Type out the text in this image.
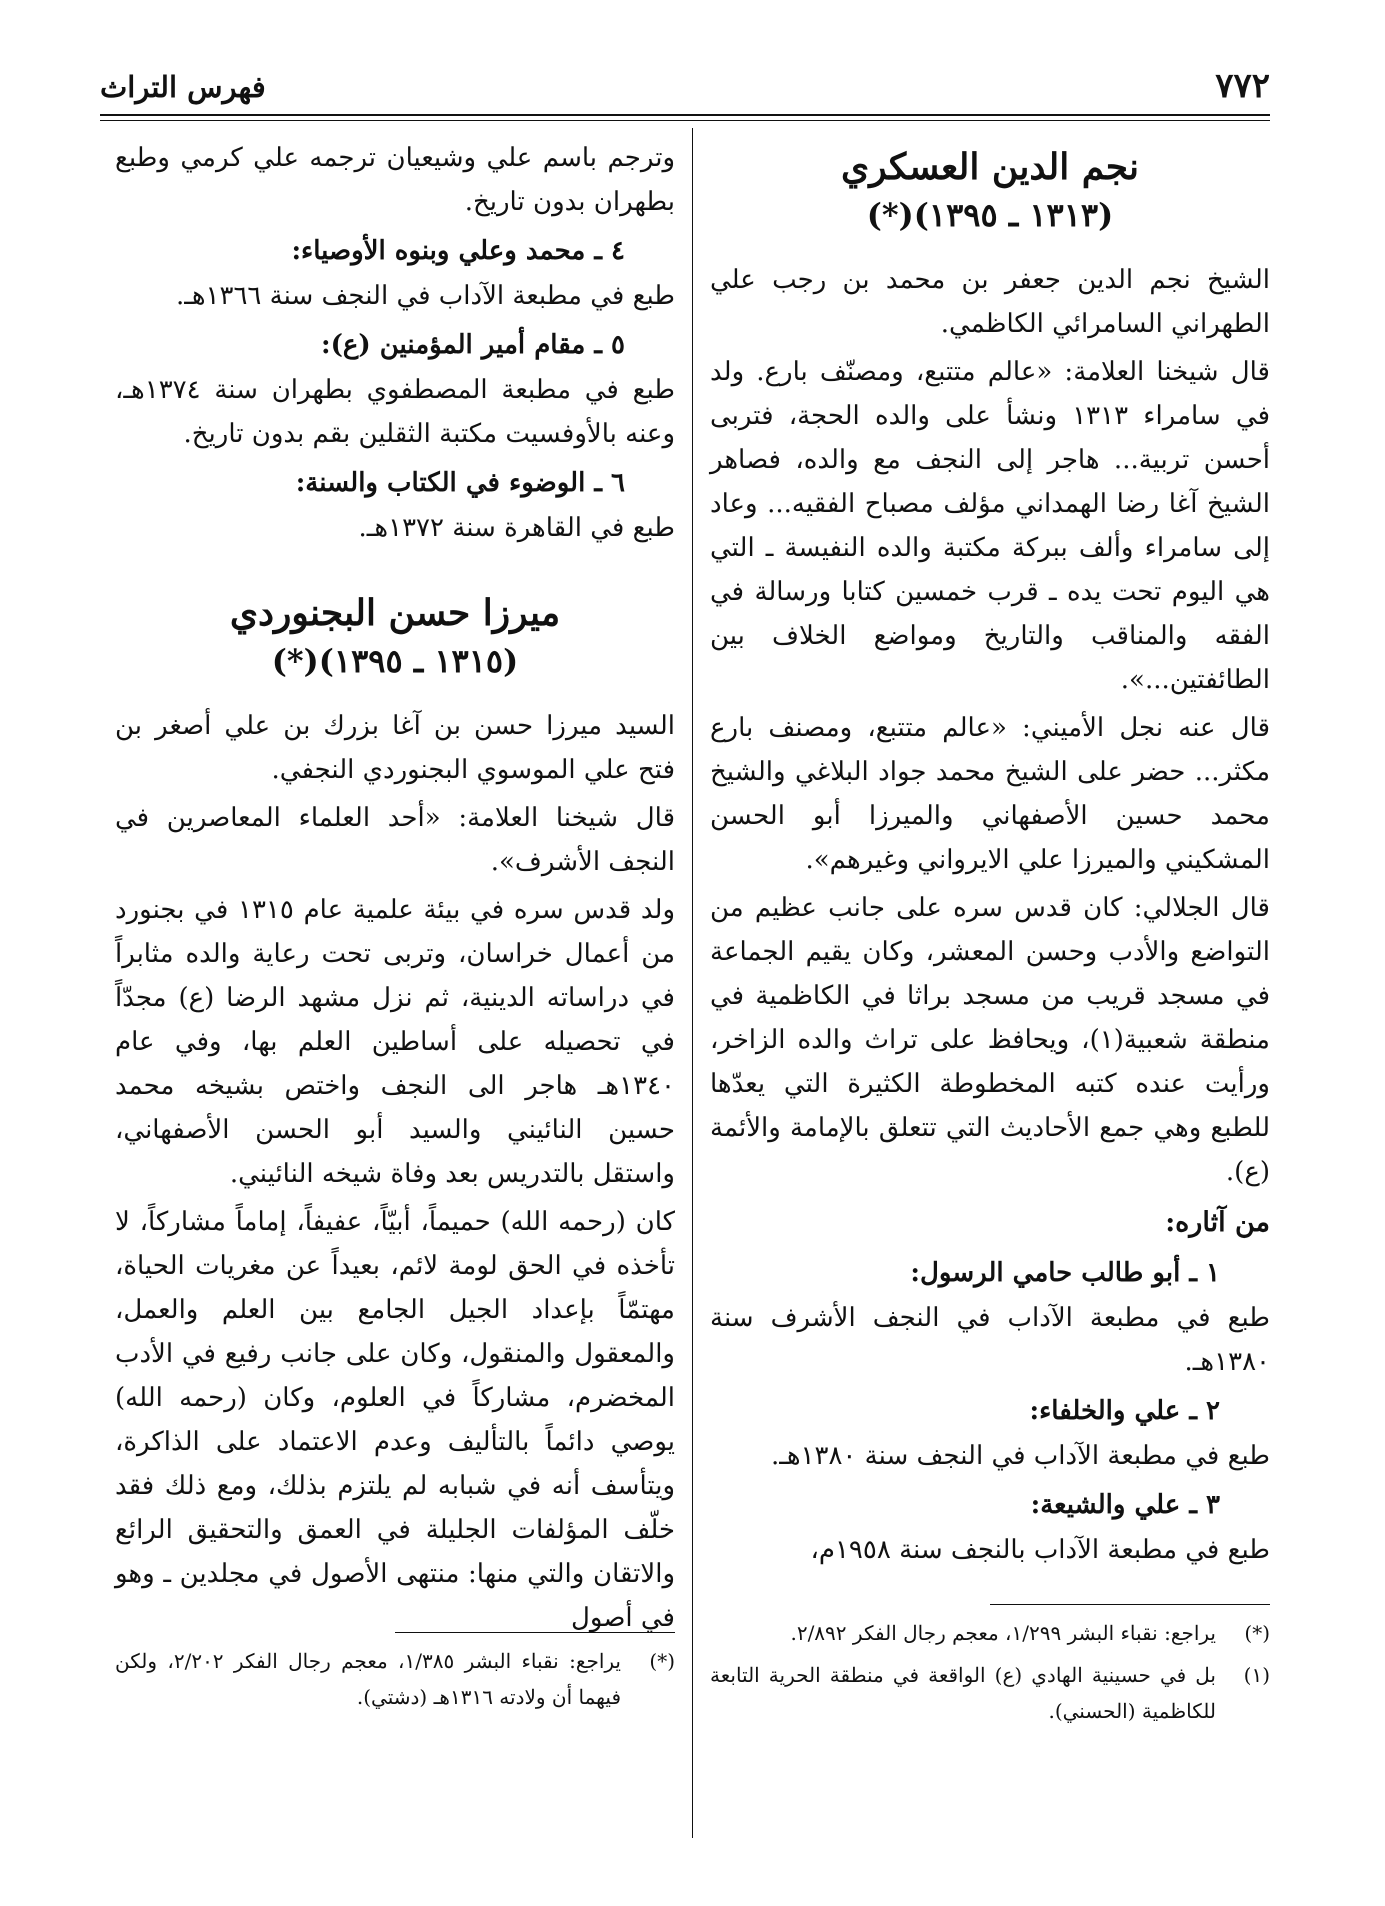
٧٧٢
فهرس التراث
نجم الدين العسكري
(١٣١٣ ـ ١٣٩٥)(*)

الشيخ نجم الدين جعفر بن محمد بن رجب علي الطهراني السامرائي الكاظمي.

قال شيخنا العلامة: «عالم متتبع، ومصنّف بارع. ولد في سامراء ١٣١٣ ونشأ على والده الحجة، فتربى أحسن تربية... هاجر إلى النجف مع والده، فصاهر الشيخ آغا رضا الهمداني مؤلف مصباح الفقيه... وعاد إلى سامراء وألف ببركة مكتبة والده النفيسة ـ التي هي اليوم تحت يده ـ قرب خمسين كتابا ورسالة في الفقه والمناقب والتاريخ ومواضع الخلاف بين الطائفتين...».

قال عنه نجل الأميني: «عالم متتبع، ومصنف بارع مكثر... حضر على الشيخ محمد جواد البلاغي والشيخ محمد حسين الأصفهاني والميرزا أبو الحسن المشكيني والميرزا علي الايرواني وغيرهم».

قال الجلالي: كان قدس سره على جانب عظيم من التواضع والأدب وحسن المعشر، وكان يقيم الجماعة في مسجد قريب من مسجد براثا في الكاظمية في منطقة شعبية(١)، ويحافظ على تراث والده الزاخر، ورأيت عنده كتبه المخطوطة الكثيرة التي يعدّها للطبع وهي جمع الأحاديث التي تتعلق بالإمامة والأئمة (ع).

من آثاره:
١ ـ أبو طالب حامي الرسول:

طبع في مطبعة الآداب في النجف الأشرف سنة ١٣٨٠هـ.

٢ ـ علي والخلفاء:

طبع في مطبعة الآداب في النجف سنة ١٣٨٠هـ.

٣ ـ علي والشيعة:

طبع في مطبعة الآداب بالنجف سنة ١٩٥٨م،

(*)
يراجع: نقباء البشر ١/٢٩٩، معجم رجال الفكر ٢/٨٩٢.
(١)
بل في حسينية الهادي (ع) الواقعة في منطقة الحرية التابعة للكاظمية (الحسني).

وترجم باسم علي وشيعيان ترجمه علي كرمي وطبع بطهران بدون تاريخ.

٤ ـ محمد وعلي وبنوه الأوصياء:

طبع في مطبعة الآداب في النجف سنة ١٣٦٦هـ.

٥ ـ مقام أمير المؤمنين (ع):

طبع في مطبعة المصطفوي بطهران سنة ١٣٧٤هـ، وعنه بالأوفسيت مكتبة الثقلين بقم بدون تاريخ.

٦ ـ الوضوء في الكتاب والسنة:

طبع في القاهرة سنة ١٣٧٢هـ.

ميرزا حسن البجنوردي
(١٣١٥ ـ ١٣٩٥)(*)

السيد ميرزا حسن بن آغا بزرك بن علي أصغر بن فتح علي الموسوي البجنوردي النجفي.

قال شيخنا العلامة: «أحد العلماء المعاصرين في النجف الأشرف».

ولد قدس سره في بيئة علمية عام ١٣١٥ في بجنورد من أعمال خراسان، وتربى تحت رعاية والده مثابراً في دراساته الدينية، ثم نزل مشهد الرضا (ع) مجدّاً في تحصيله على أساطين العلم بها، وفي عام ١٣٤٠هـ هاجر الى النجف واختص بشيخه محمد حسين النائيني والسيد أبو الحسن الأصفهاني، واستقل بالتدريس بعد وفاة شيخه النائيني.

كان (رحمه الله) حميماً، أبيّاً، عفيفاً، إماماً مشاركاً، لا تأخذه في الحق لومة لائم، بعيداً عن مغريات الحياة، مهتمّاً بإعداد الجيل الجامع بين العلم والعمل، والمعقول والمنقول، وكان على جانب رفيع في الأدب المخضرم، مشاركاً في العلوم، وكان (رحمه الله) يوصي دائماً بالتأليف وعدم الاعتماد على الذاكرة، ويتأسف أنه في شبابه لم يلتزم بذلك، ومع ذلك فقد خلّف المؤلفات الجليلة في العمق والتحقيق الرائع والاتقان والتي منها: منتهى الأصول في مجلدين ـ وهو في أصول

(*)
يراجع: نقباء البشر ١/٣٨٥، معجم رجال الفكر ٢/٢٠٢، ولكن فيهما أن ولادته ١٣١٦هـ (دشتي).
